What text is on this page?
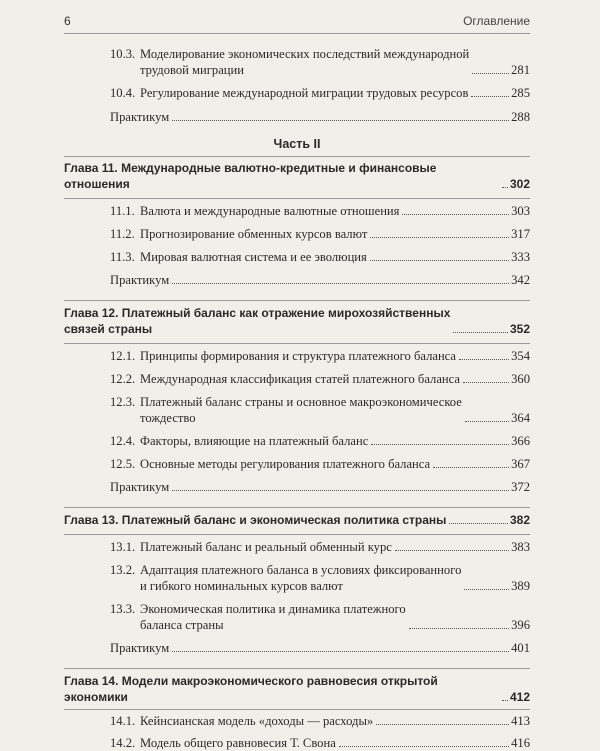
6	Оглавление
10.3. Моделирование экономических последствий международной
трудовой миграции	281
10.4. Регулирование международной миграции трудовых ресурсов	285
Практикум	288
Часть II
Глава 11. Международные валютно-кредитные и финансовые отношения	302
11.1. Валюта и международные валютные отношения	303
11.2. Прогнозирование обменных курсов валют	317
11.3. Мировая валютная система и ее эволюция	333
Практикум	342
Глава 12. Платежный баланс как отражение мирохозяйственных
связей страны	352
12.1. Принципы формирования и структура платежного баланса	354
12.2. Международная классификация статей платежного баланса	360
12.3. Платежный баланс страны и основное макроэкономическое
тождество	364
12.4. Факторы, влияющие на платежный баланс	366
12.5. Основные методы регулирования платежного баланса	367
Практикум	372
Глава 13. Платежный баланс и экономическая политика страны	382
13.1. Платежный баланс и реальный обменный курс	383
13.2. Адаптация платежного баланса в условиях фиксированного
и гибкого номинальных курсов валют	389
13.3. Экономическая политика и динамика платежного
баланса страны	396
Практикум	401
Глава 14. Модели макроэкономического равновесия открытой экономики	412
14.1. Кейнсианская модель «доходы — расходы»	413
14.2. Модель общего равновесия Т. Свона	416
